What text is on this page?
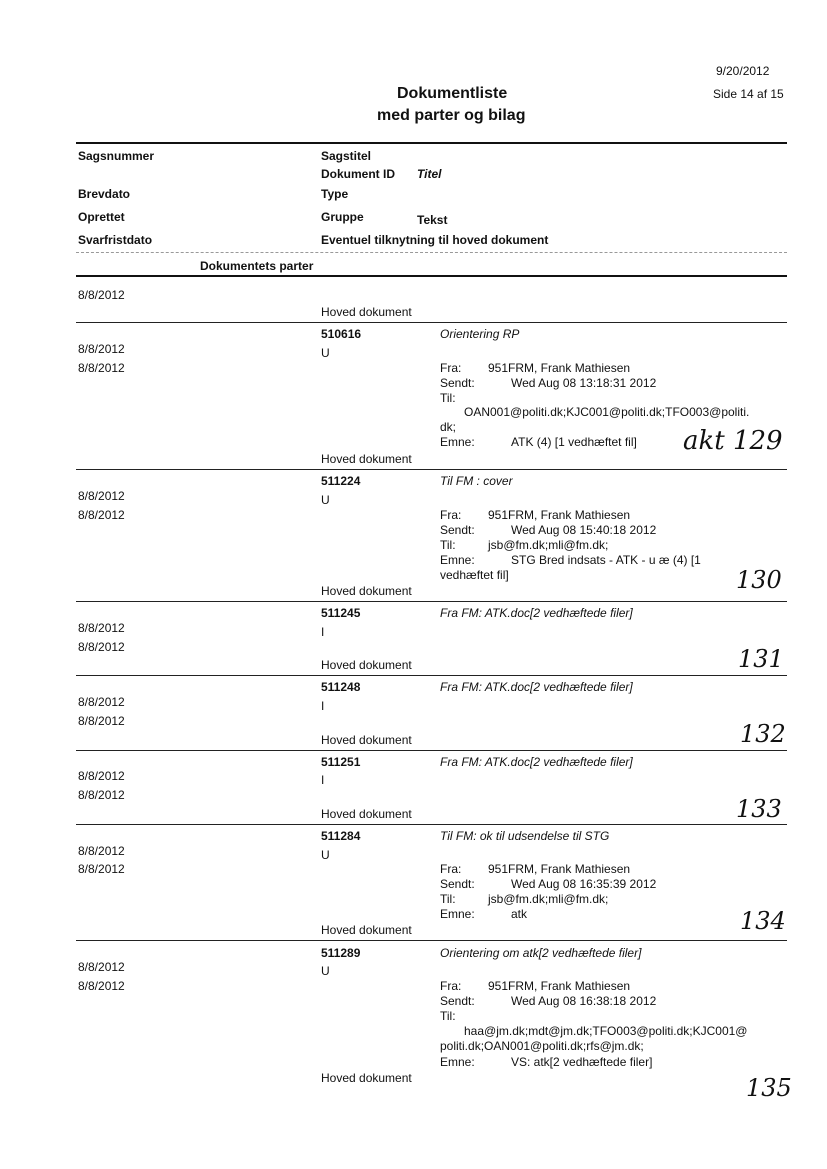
9/20/2012
Side 14 af 15
Dokumentliste
med parter og bilag
Sagsnummer	Sagstitel
Dokument ID Titel
Brevdato	Type
Oprettet	Gruppe	Tekst
Svarfristdato	Eventuel tilknytning til hoved dokument
Dokumentets parter
8/8/2012
Hoved dokument
510616	Orientering RP
8/8/2012	U
8/8/2012	Fra: 951FRM, Frank Mathiesen
Sendt:	Wed Aug 08 13:18:31 2012
Til:
OAN001@politi.dk;KJC001@politi.dk;TFO003@politi.
dk;
Emne:	ATK (4) [1 vedhæftet fil]
Hoved dokument
akt 129
511224	Til FM : cover
8/8/2012	U
8/8/2012	Fra: 951FRM, Frank Mathiesen
Sendt:	Wed Aug 08 15:40:18 2012
Til:	jsb@fm.dk;mli@fm.dk;
Emne:	STG Bred indsats - ATK - u æ (4) [1
vedhæftet fil]
Hoved dokument	130
511245	Fra FM: ATK.doc[2 vedhæftede filer]
8/8/2012	I
8/8/2012
Hoved dokument	131
511248	Fra FM: ATK.doc[2 vedhæftede filer]
8/8/2012	I
8/8/2012
Hoved dokument	132
511251	Fra FM: ATK.doc[2 vedhæftede filer]
8/8/2012	I
8/8/2012
Hoved dokument	133
511284	Til FM: ok til udsendelse til STG
8/8/2012	U
8/8/2012	Fra: 951FRM, Frank Mathiesen
Sendt:	Wed Aug 08 16:35:39 2012
Til:	jsb@fm.dk;mli@fm.dk;
Emne:	atk
Hoved dokument	134
511289	Orientering om atk[2 vedhæftede filer]
8/8/2012	U
8/8/2012	Fra: 951FRM, Frank Mathiesen
Sendt:	Wed Aug 08 16:38:18 2012
Til:
haa@jm.dk;mdt@jm.dk;TFO003@politi.dk;KJC001@
politi.dk;OAN001@politi.dk;rfs@jm.dk;
Emne:	VS: atk[2 vedhæftede filer]
Hoved dokument	135
